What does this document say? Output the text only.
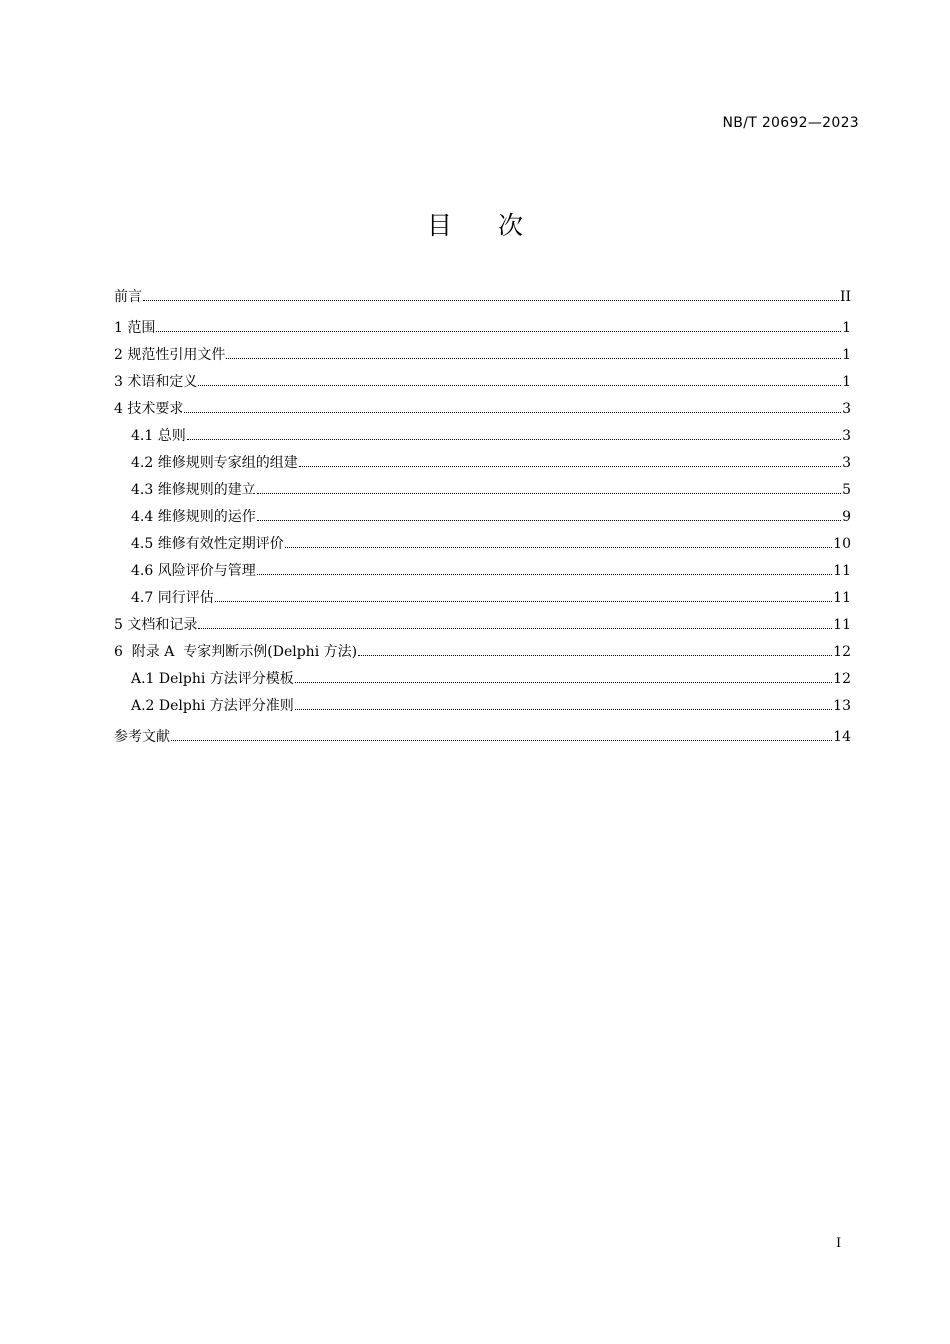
NB/T 20692—2023
目 次
前言	II
1 范围	1
2 规范性引用文件	1
3 术语和定义	1
4 技术要求	3
4.1 总则	3
4.2 维修规则专家组的组建	3
4.3 维修规则的建立	5
4.4 维修规则的运作	9
4.5 维修有效性定期评价	10
4.6 风险评价与管理	11
4.7 同行评估	11
5 文档和记录	11
6  附录 A  专家判断示例(Delphi 方法)	12
A.1 Delphi 方法评分模板	12
A.2 Delphi 方法评分准则	13
参考文献	14
I
